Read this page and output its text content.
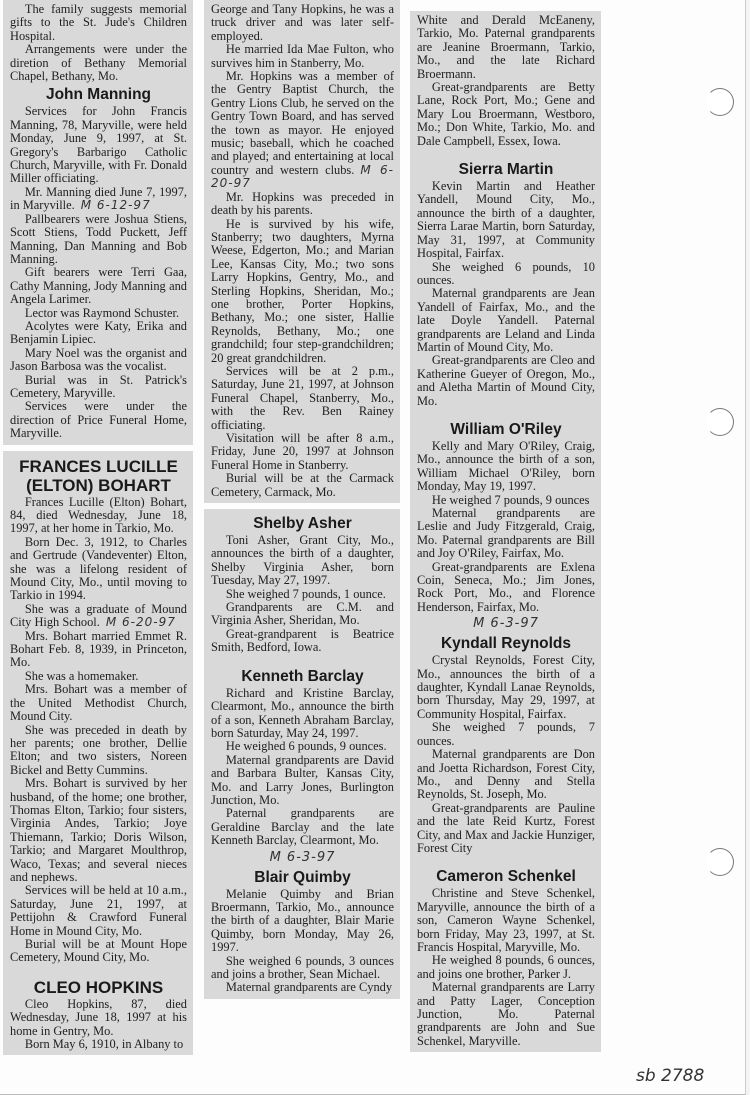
The family suggests memorial gifts to the St. Jude's Children Hospital.

Arrangements were under the diretion of Bethany Memorial Chapel, Bethany, Mo.

John Manning

Services for John Francis Manning, 78, Maryville, were held Monday, June 9, 1997, at St. Gregory's Barbarigo Catholic Church, Maryville, with Fr. Donald Miller officiating.

Mr. Manning died June 7, 1997, in Maryville. M 6-12-97

Pallbearers were Joshua Stiens, Scott Stiens, Todd Puckett, Jeff Manning, Dan Manning and Bob Manning.

Gift bearers were Terri Gaa, Cathy Manning, Jody Manning and Angela Larimer.

Lector was Raymond Schuster.

Acolytes were Katy, Erika and Benjamin Lipiec.

Mary Noel was the organist and Jason Barbosa was the vocalist.

Burial was in St. Patrick's Cemetery, Maryville.

Services were under the direction of Price Funeral Home, Maryville.

FRANCES LUCILLE (ELTON) BOHART

Frances Lucille (Elton) Bohart, 84, died Wednesday, June 18, 1997, at her home in Tarkio, Mo.

Born Dec. 3, 1912, to Charles and Gertrude (Vandeventer) Elton, she was a lifelong resident of Mound City, Mo., until moving to Tarkio in 1994.

She was a graduate of Mound City High School. M 6-20-97

Mrs. Bohart married Emmet R. Bohart Feb. 8, 1939, in Princeton, Mo.

She was a homemaker.

Mrs. Bohart was a member of the United Methodist Church, Mound City.

She was preceded in death by her parents; one brother, Dellie Elton; and two sisters, Noreen Bickel and Betty Cummins.

Mrs. Bohart is survived by her husband, of the home; one brother, Thomas Elton, Tarkio; four sisters, Virginia Andes, Tarkio; Joye Thiemann, Tarkio; Doris Wilson, Tarkio; and Margaret Moulthrop, Waco, Texas; and several nieces and nephews.

Services will be held at 10 a.m., Saturday, June 21, 1997, at Pettijohn & Crawford Funeral Home in Mound City, Mo.

Burial will be at Mount Hope Cemetery, Mound City, Mo.

CLEO HOPKINS

Cleo Hopkins, 87, died Wednesday, June 18, 1997 at his home in Gentry, Mo.

Born May 6, 1910, in Albany to

George and Tany Hopkins, he was a truck driver and was later self-employed.

He married Ida Mae Fulton, who survives him in Stanberry, Mo.

Mr. Hopkins was a member of the Gentry Baptist Church, the Gentry Lions Club, he served on the Gentry Town Board, and has served the town as mayor. He enjoyed music; baseball, which he coached and played; and entertaining at local country and western clubs. M 6-20-97

Mr. Hopkins was preceded in death by his parents.

He is survived by his wife, Stanberry; two daughters, Myrna Weese, Edgerton, Mo.; and Marian Lee, Kansas City, Mo.; two sons Larry Hopkins, Gentry, Mo., and Sterling Hopkins, Sheridan, Mo.; one brother, Porter Hopkins, Bethany, Mo.; one sister, Hallie Reynolds, Bethany, Mo.; one grandchild; four step-grandchildren; 20 great grandchildren.

Services will be at 2 p.m., Saturday, June 21, 1997, at Johnson Funeral Chapel, Stanberry, Mo., with the Rev. Ben Rainey officiating.

Visitation will be after 8 a.m., Friday, June 20, 1997 at Johnson Funeral Home in Stanberry.

Burial will be at the Carmack Cemetery, Carmack, Mo.

Shelby Asher

Toni Asher, Grant City, Mo., announces the birth of a daughter, Shelby Virginia Asher, born Tuesday, May 27, 1997.

She weighed 7 pounds, 1 ounce.

Grandparents are C.M. and Virginia Asher, Sheridan, Mo.

Great-grandparent is Beatrice Smith, Bedford, Iowa.

Kenneth Barclay

Richard and Kristine Barclay, Clearmont, Mo., announce the birth of a son, Kenneth Abraham Barclay, born Saturday, May 24, 1997.

He weighed 6 pounds, 9 ounces.

Maternal grandparents are David and Barbara Bulter, Kansas City, Mo. and Larry Jones, Burlington Junction, Mo.

Paternal grandparents are Geraldine Barclay and the late Kenneth Barclay, Clearmont, Mo.

M 6-3-97
Blair Quimby

Melanie Quimby and Brian Broermann, Tarkio, Mo., announce the birth of a daughter, Blair Marie Quimby, born Monday, May 26, 1997.

She weighed 6 pounds, 3 ounces and joins a brother, Sean Michael.

Maternal grandparents are Cyndy

White and Derald McEaneny, Tarkio, Mo. Paternal grandparents are Jeanine Broermann, Tarkio, Mo., and the late Richard Broermann.

Great-grandparents are Betty Lane, Rock Port, Mo.; Gene and Mary Lou Broermann, Westboro, Mo.; Don White, Tarkio, Mo. and Dale Campbell, Essex, Iowa.

Sierra Martin

Kevin Martin and Heather Yandell, Mound City, Mo., announce the birth of a daughter, Sierra Larae Martin, born Saturday, May 31, 1997, at Community Hospital, Fairfax.

She weighed 6 pounds, 10 ounces.

Maternal grandparents are Jean Yandell of Fairfax, Mo., and the late Doyle Yandell. Paternal grandparents are Leland and Linda Martin of Mound City, Mo.

Great-grandparents are Cleo and Katherine Gueyer of Oregon, Mo., and Aletha Martin of Mound City, Mo.

William O'Riley

Kelly and Mary O'Riley, Craig, Mo., announce the birth of a son, William Michael O'Riley, born Monday, May 19, 1997.

He weighed 7 pounds, 9 ounces

Maternal grandparents are Leslie and Judy Fitzgerald, Craig, Mo. Paternal grandparents are Bill and Joy O'Riley, Fairfax, Mo.

Great-grandparents are Exlena Coin, Seneca, Mo.; Jim Jones, Rock Port, Mo., and Florence Henderson, Fairfax, Mo.

M 6-3-97
Kyndall Reynolds

Crystal Reynolds, Forest City, Mo., announces the birth of a daughter, Kyndall Lanae Reynolds, born Thursday, May 29, 1997, at Community Hospital, Fairfax.

She weighed 7 pounds, 7 ounces.

Maternal grandparents are Don and Joetta Richardson, Forest City, Mo., and Denny and Stella Reynolds, St. Joseph, Mo.

Great-grandparents are Pauline and the late Reid Kurtz, Forest City, and Max and Jackie Hunziger, Forest City

Cameron Schenkel

Christine and Steve Schenkel, Maryville, announce the birth of a son, Cameron Wayne Schenkel, born Friday, May 23, 1997, at St. Francis Hospital, Maryville, Mo.

He weighed 8 pounds, 6 ounces, and joins one brother, Parker J.

Maternal grandparents are Larry and Patty Lager, Conception Junction, Mo. Paternal grandparents are John and Sue Schenkel, Maryville.

sb 2788
